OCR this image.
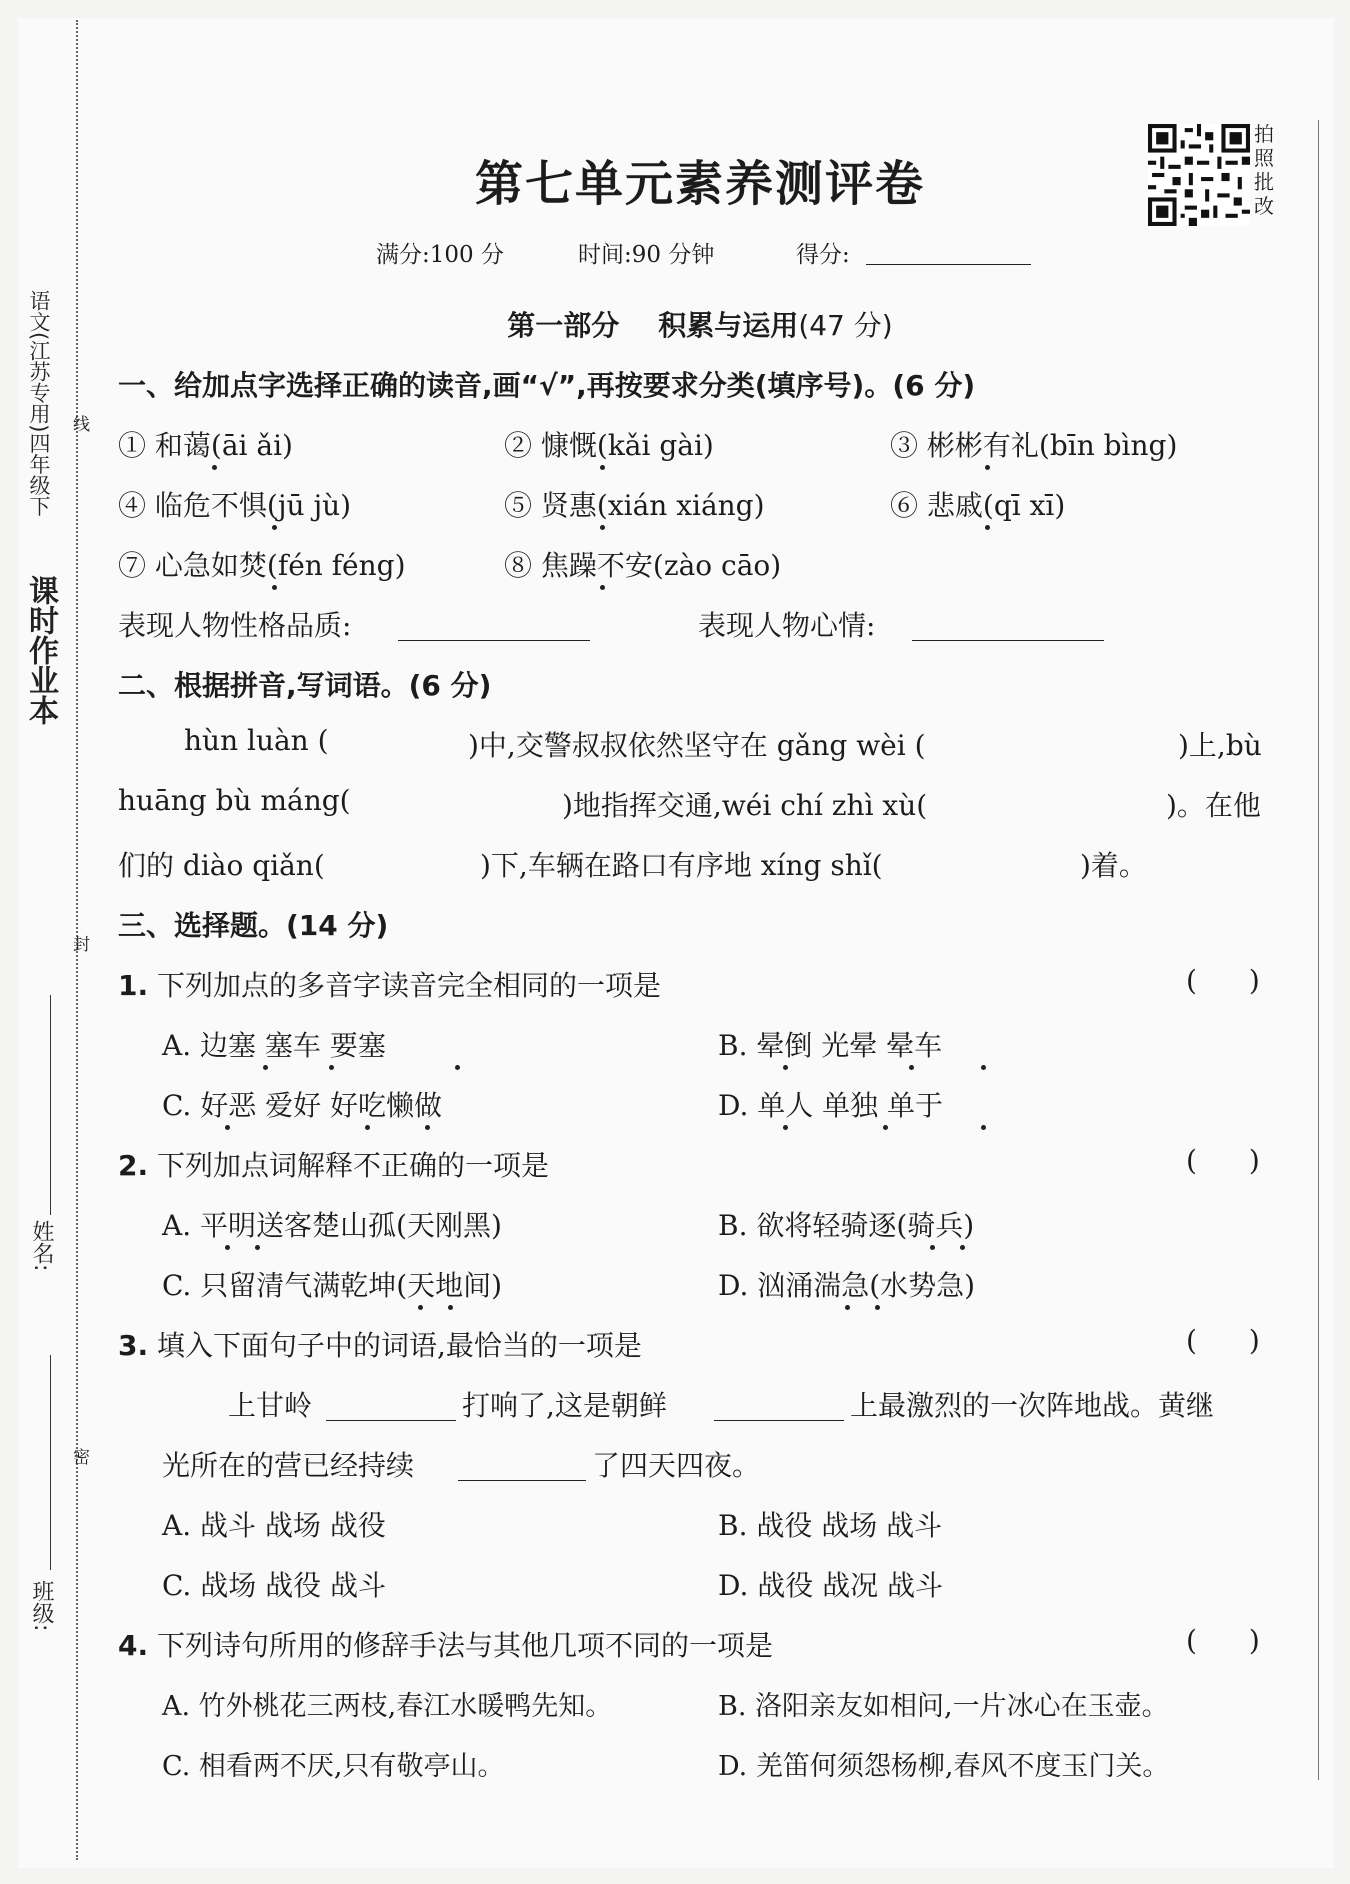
课时作业本
语文(江苏专用)四年级下 线
封
密
姓名:
班级:
第七单元素养测评卷
拍照批改
满分:100 分	时间:90 分钟	得分:
第一部分 积累与运用(47 分)
一、给加点字选择正确的读音,画“√”,再按要求分类(填序号)。(6 分)
① 和蔼(āi ǎi)	② 慷慨(kǎi gài)	③ 彬彬有礼(bīn bìng)
④ 临危不惧(jū jù)	⑤ 贤惠(xián xiáng)	⑥ 悲戚(qī xī)
⑦ 心急如焚(fén féng)	⑧ 焦躁不安(zào cāo)
表现人物性格品质:	表现人物心情:
二、根据拼音,写词语。(6 分)
hùn luàn (	)中,交警叔叔依然坚守在 gǎng wèi (	)上,bù
huāng bù máng(	)地指挥交通,wéi chí zhì xù(	)。在他
们的 diào qiǎn(	)下,车辆在路口有序地 xíng shǐ(	)着。
三、选择题。(14 分)
1. 下列加点的多音字读音完全相同的一项是	()
A. 边塞 塞车 要塞	B. 晕倒 光晕 晕车
C. 好恶 爱好 好吃懒做	D. 单人 单独 单于
2. 下列加点词解释不正确的一项是	()
A. 平明送客楚山孤(天刚黑)	B. 欲将轻骑逐(骑兵)
C. 只留清气满乾坤(天地间)	D. 汹涌湍急(水势急)
3. 填入下面句子中的词语,最恰当的一项是	()
上甘岭	打响了,这是朝鲜	上最激烈的一次阵地战。黄继
光所在的营已经持续	了四天四夜。
A. 战斗 战场 战役	B. 战役 战场 战斗
C. 战场 战役 战斗	D. 战役 战况 战斗
4. 下列诗句所用的修辞手法与其他几项不同的一项是	()
A. 竹外桃花三两枝,春江水暖鸭先知。	B. 洛阳亲友如相问,一片冰心在玉壶。
C. 相看两不厌,只有敬亭山。	D. 羌笛何须怨杨柳,春风不度玉门关。
